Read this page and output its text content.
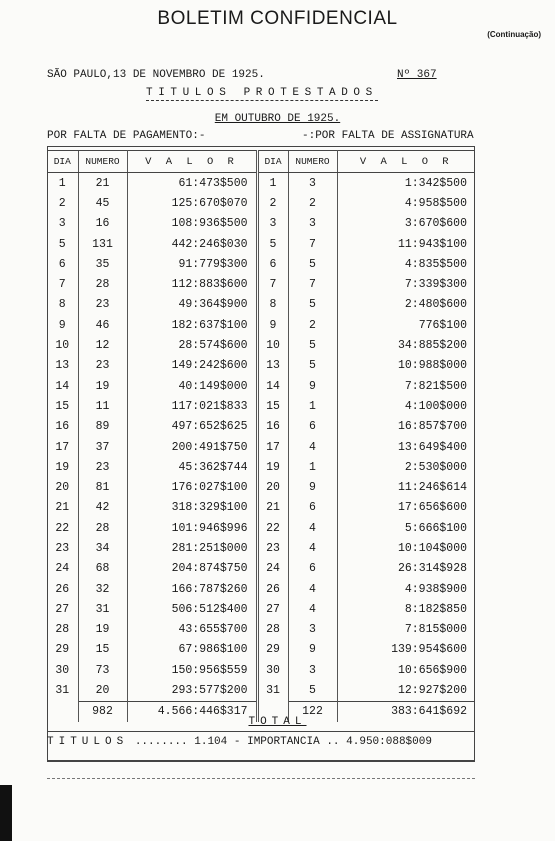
BOLETIM CONFIDENCIAL
(Continuação)
SÃO PAULO,13 DE NOVEMBRO DE 1925.	Nº 367
TITULOS PROTESTADOS
EM OUTUBRO DE 1925.
POR FALTA DE PAGAMENTO:-	-:POR FALTA DE ASSIGNATURA
DIA	NUMERO	V A L O R	DIA	NUMERO	V A L O R
1	21	61:473$500	1	3	1:342$500
2	45	125:670$070	2	2	4:958$500
3	16	108:936$500	3	3	3:670$600
5	131	442:246$030	5	7	11:943$100
6	35	91:779$300	6	5	4:835$500
7	28	112:883$600	7	7	7:339$300
8	23	49:364$900	8	5	2:480$600
9	46	182:637$100	9	2	776$100
10	12	28:574$600	10	5	34:885$200
13	23	149:242$600	13	5	10:988$000
14	19	40:149$000	14	9	7:821$500
15	11	117:021$833	15	1	4:100$000
16	89	497:652$625	16	6	16:857$700
17	37	200:491$750	17	4	13:649$400
19	23	45:362$744	19	1	2:530$000
20	81	176:027$100	20	9	11:246$614
21	42	318:329$100	21	6	17:656$600
22	28	101:946$996	22	4	5:666$100
23	34	281:251$000	23	4	10:104$000
24	68	204:874$750	24	6	26:314$928
26	32	166:787$260	26	4	4:938$900
27	31	506:512$400	27	4	8:182$850
28	19	43:655$700	28	3	7:815$000
29	15	67:986$100	29	9	139:954$600
30	73	150:956$559	30	3	10:656$900
31	20	293:577$200	31	5	12:927$200
	982	4.566:446$317		122	383:641$692
TOTAL
TITULOS ........ 1.104 - IMPORTANCIA .. 4.950:088$009
